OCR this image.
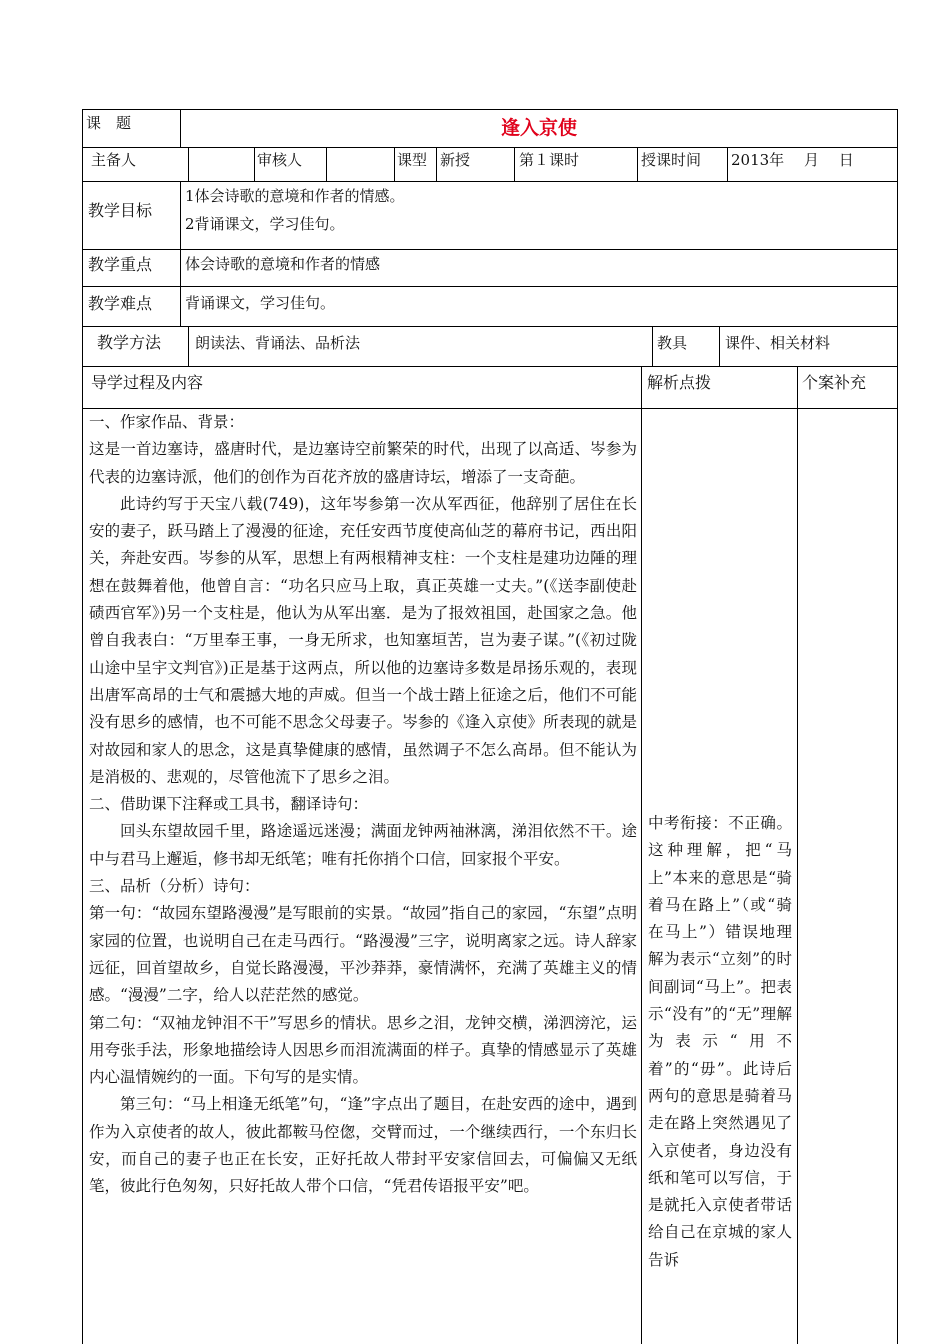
课　题	逢入京使
主备人	审核人	课型 新授	第１课时	授课时间 2013年　 月　 日
教学目标
1体会诗歌的意境和作者的情感。
2背诵课文，学习佳句。
教学重点 体会诗歌的意境和作者的情感
教学难点 背诵课文，学习佳句。
教学方法 朗读法、背诵法、品析法	教具	课件、相关材料
导学过程及内容	解析点拨	个案补充

一、作家作品、背景：

这是一首边塞诗，盛唐时代，是边塞诗空前繁荣的时代，出现了以高适、岑参为代表的边塞诗派，他们的创作为百花齐放的盛唐诗坛，增添了一支奇葩。

此诗约写于天宝八载(749)，这年岑参第一次从军西征，他辞别了居住在长安的妻子，跃马踏上了漫漫的征途，充任安西节度使高仙芝的幕府书记，西出阳关，奔赴安西。岑参的从军，思想上有两根精神支柱：一个支柱是建功边陲的理想在鼓舞着他，他曾自言：“功名只应马上取，真正英雄一丈夫。”(《送李副使赴碛西官军》)另一个支柱是，他认为从军出塞．是为了报效祖国，赴国家之急。他曾自我表白：“万里奉王事，一身无所求，也知塞垣苦，岂为妻子谋。”(《初过陇山途中呈宇文判官》)正是基于这两点，所以他的边塞诗多数是昂扬乐观的，表现出唐军高昂的士气和震撼大地的声威。但当一个战士踏上征途之后，他们不可能没有思乡的感情，也不可能不思念父母妻子。岑参的《逢入京使》所表现的就是对故园和家人的思念，这是真挚健康的感情，虽然调子不怎么高昂。但不能认为是消极的、悲观的，尽管他流下了思乡之泪。

二、借助课下注释或工具书，翻译诗句：

回头东望故园千里，路途遥远迷漫；满面龙钟两袖淋漓，涕泪依然不干。途中与君马上邂逅，修书却无纸笔；唯有托你捎个口信，回家报个平安。

三、品析（分析）诗句：

第一句：“故园东望路漫漫”是写眼前的实景。“故园”指自己的家园，“东望”点明家园的位置，也说明自己在走马西行。“路漫漫”三字，说明离家之远。诗人辞家远征，回首望故乡，自觉长路漫漫，平沙莽莽，豪情满怀，充满了英雄主义的情感。“漫漫”二字，给人以茫茫然的感觉。

第二句：“双袖龙钟泪不干”写思乡的情状。思乡之泪，龙钟交横，涕泗滂沱，运用夸张手法，形象地描绘诗人因思乡而泪流满面的样子。真挚的情感显示了英雄内心温情婉约的一面。下句写的是实情。

第三句：“马上相逢无纸笔”句，“逢”字点出了题目，在赴安西的途中，遇到作为入京使者的故人，彼此都鞍马倥偬，交臂而过，一个继续西行，一个东归长安，而自己的妻子也正在长安，正好托故人带封平安家信回去，可偏偏又无纸笔，彼此行色匆匆，只好托故人带个口信，“凭君传语报平安”吧。

中考衔接：不正确。这种理解，把“马上”本来的意思是“骑着马在路上”（或“骑在马上”）错误地理解为表示“立刻”的时间副词“马上”。把表示“没有”的“无”理解为表示“用不着”的“毋”。此诗后两句的意思是骑着马走在路上突然遇见了入京使者，身边没有纸和笔可以写信，于是就托入京使者带话给自己在京城的家人告诉
